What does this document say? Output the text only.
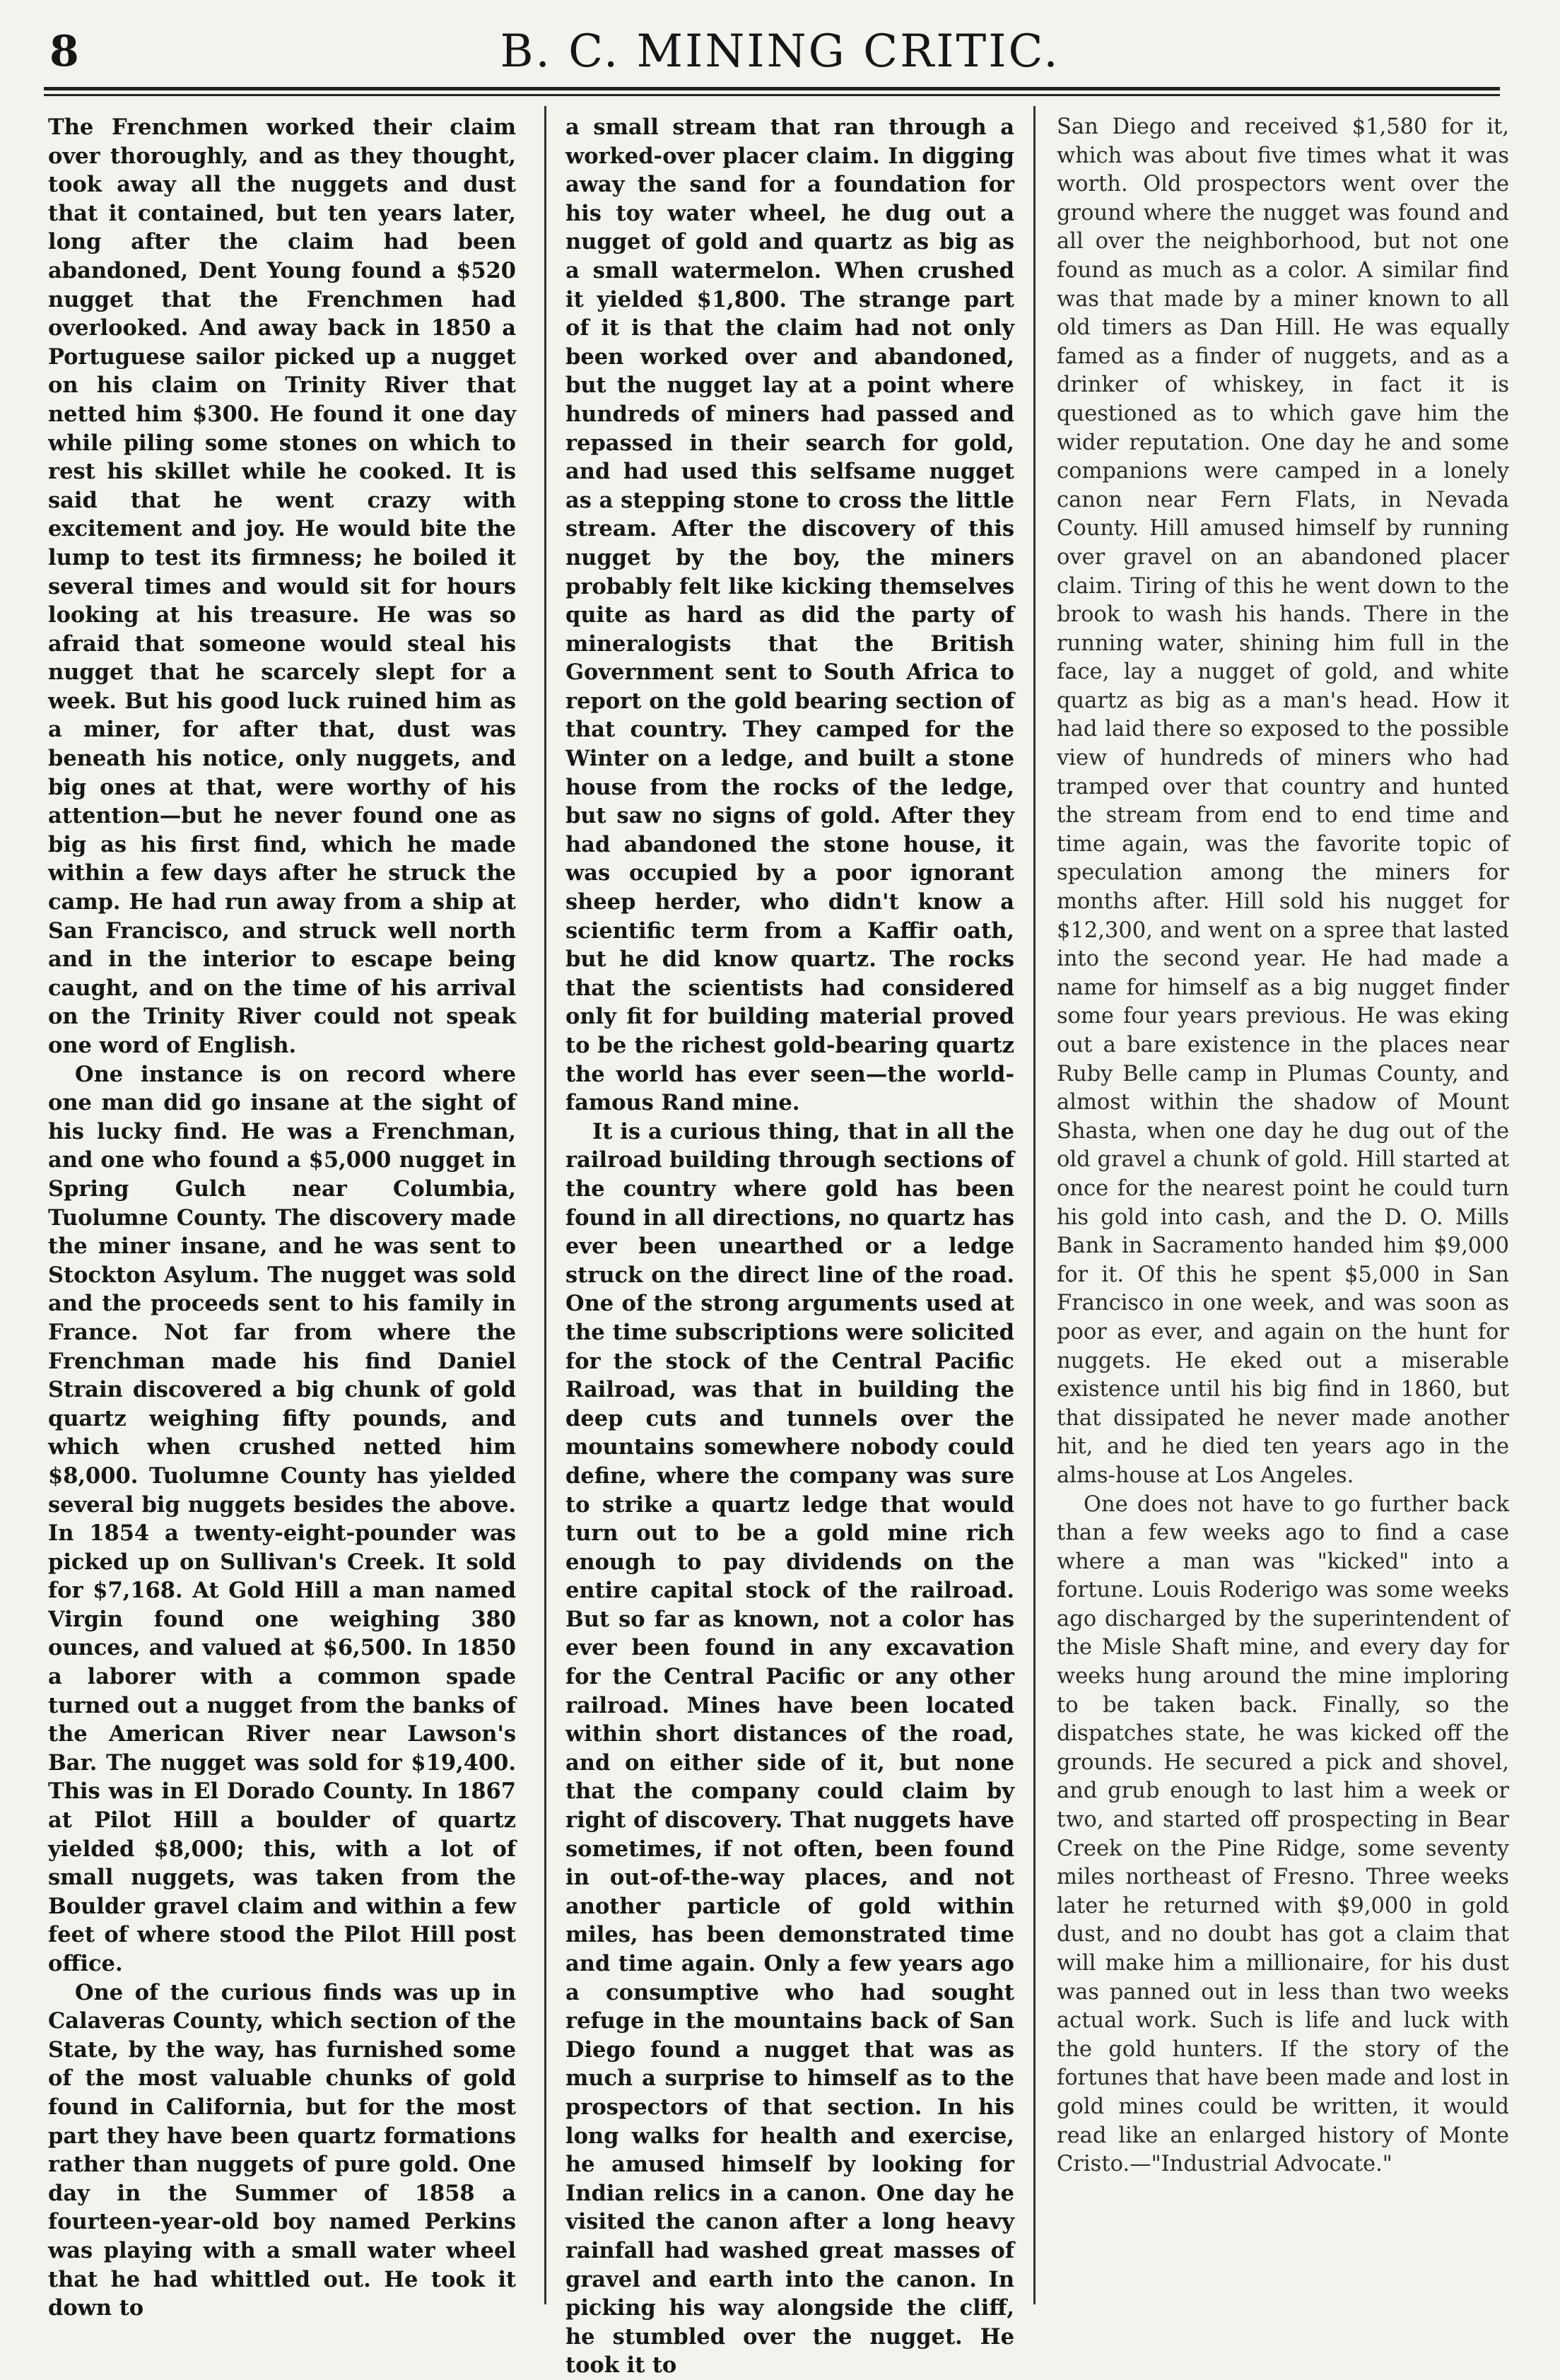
8	B. C. MINING CRITIC.

The Frenchmen worked their claim over thoroughly, and as they thought, took away all the nuggets and dust that it contained, but ten years later, long after the claim had been abandoned, Dent Young found a $520 nugget that the Frenchmen had overlooked. And away back in 1850 a Portuguese sailor picked up a nugget on his claim on Trinity River that netted him $300. He found it one day while piling some stones on which to rest his skillet while he cooked. It is said that he went crazy with excitement and joy. He would bite the lump to test its firmness; he boiled it several times and would sit for hours looking at his treasure. He was so afraid that someone would steal his nugget that he scarcely slept for a week. But his good luck ruined him as a miner, for after that, dust was beneath his notice, only nuggets, and big ones at that, were worthy of his attention—but he never found one as big as his first find, which he made within a few days after he struck the camp. He had run away from a ship at San Francisco, and struck well north and in the interior to escape being caught, and on the time of his arrival on the Trinity River could not speak one word of English.

One instance is on record where one man did go insane at the sight of his lucky find. He was a Frenchman, and one who found a $5,000 nugget in Spring Gulch near Columbia, Tuolumne County. The discovery made the miner insane, and he was sent to Stockton Asylum. The nugget was sold and the proceeds sent to his family in France. Not far from where the Frenchman made his find Daniel Strain discovered a big chunk of gold quartz weighing fifty pounds, and which when crushed netted him $8,000. Tuolumne County has yielded several big nuggets besides the above. In 1854 a twenty-eight-pounder was picked up on Sullivan's Creek. It sold for $7,168. At Gold Hill a man named Virgin found one weighing 380 ounces, and valued at $6,500. In 1850 a laborer with a common spade turned out a nugget from the banks of the American River near Lawson's Bar. The nugget was sold for $19,400. This was in El Dorado County. In 1867 at Pilot Hill a boulder of quartz yielded $8,000; this, with a lot of small nuggets, was taken from the Boulder gravel claim and within a few feet of where stood the Pilot Hill post office.

One of the curious finds was up in Calaveras County, which section of the State, by the way, has furnished some of the most valuable chunks of gold found in California, but for the most part they have been quartz formations rather than nuggets of pure gold. One day in the Summer of 1858 a fourteen-year-old boy named Perkins was playing with a small water wheel that he had whittled out. He took it down to

a small stream that ran through a worked-over placer claim. In digging away the sand for a foundation for his toy water wheel, he dug out a nugget of gold and quartz as big as a small watermelon. When crushed it yielded $1,800. The strange part of it is that the claim had not only been worked over and abandoned, but the nugget lay at a point where hundreds of miners had passed and repassed in their search for gold, and had used this selfsame nugget as a stepping stone to cross the little stream. After the discovery of this nugget by the boy, the miners probably felt like kicking themselves quite as hard as did the party of mineralogists that the British Government sent to South Africa to report on the gold bearing section of that country. They camped for the Winter on a ledge, and built a stone house from the rocks of the ledge, but saw no signs of gold. After they had abandoned the stone house, it was occupied by a poor ignorant sheep herder, who didn't know a scientific term from a Kaffir oath, but he did know quartz. The rocks that the scientists had considered only fit for building material proved to be the richest gold-bearing quartz the world has ever seen—the world-famous Rand mine.

It is a curious thing, that in all the railroad building through sections of the country where gold has been found in all directions, no quartz has ever been unearthed or a ledge struck on the direct line of the road. One of the strong arguments used at the time subscriptions were solicited for the stock of the Central Pacific Railroad, was that in building the deep cuts and tunnels over the mountains somewhere nobody could define, where the company was sure to strike a quartz ledge that would turn out to be a gold mine rich enough to pay dividends on the entire capital stock of the railroad. But so far as known, not a color has ever been found in any excavation for the Central Pacific or any other railroad. Mines have been located within short distances of the road, and on either side of it, but none that the company could claim by right of discovery. That nuggets have sometimes, if not often, been found in out-of-the-way places, and not another particle of gold within miles, has been demonstrated time and time again. Only a few years ago a consumptive who had sought refuge in the mountains back of San Diego found a nugget that was as much a surprise to himself as to the prospectors of that section. In his long walks for health and exercise, he amused himself by looking for Indian relics in a canon. One day he visited the canon after a long heavy rainfall had washed great masses of gravel and earth into the canon. In picking his way alongside the cliff, he stumbled over the nugget. He took it to

San Diego and received $1,580 for it, which was about five times what it was worth. Old prospectors went over the ground where the nugget was found and all over the neighborhood, but not one found as much as a color. A similar find was that made by a miner known to all old timers as Dan Hill. He was equally famed as a finder of nuggets, and as a drinker of whiskey, in fact it is questioned as to which gave him the wider reputation. One day he and some companions were camped in a lonely canon near Fern Flats, in Nevada County. Hill amused himself by running over gravel on an abandoned placer claim. Tiring of this he went down to the brook to wash his hands. There in the running water, shining him full in the face, lay a nugget of gold, and white quartz as big as a man's head. How it had laid there so exposed to the possible view of hundreds of miners who had tramped over that country and hunted the stream from end to end time and time again, was the favorite topic of speculation among the miners for months after. Hill sold his nugget for $12,300, and went on a spree that lasted into the second year. He had made a name for himself as a big nugget finder some four years previous. He was eking out a bare existence in the places near Ruby Belle camp in Plumas County, and almost within the shadow of Mount Shasta, when one day he dug out of the old gravel a chunk of gold. Hill started at once for the nearest point he could turn his gold into cash, and the D. O. Mills Bank in Sacramento handed him $9,000 for it. Of this he spent $5,000 in San Francisco in one week, and was soon as poor as ever, and again on the hunt for nuggets. He eked out a miserable existence until his big find in 1860, but that dissipated he never made another hit, and he died ten years ago in the alms-house at Los Angeles.

One does not have to go further back than a few weeks ago to find a case where a man was "kicked" into a fortune. Louis Roderigo was some weeks ago discharged by the superintendent of the Misle Shaft mine, and every day for weeks hung around the mine imploring to be taken back. Finally, so the dispatches state, he was kicked off the grounds. He secured a pick and shovel, and grub enough to last him a week or two, and started off prospecting in Bear Creek on the Pine Ridge, some seventy miles northeast of Fresno. Three weeks later he returned with $9,000 in gold dust, and no doubt has got a claim that will make him a millionaire, for his dust was panned out in less than two weeks actual work. Such is life and luck with the gold hunters. If the story of the fortunes that have been made and lost in gold mines could be written, it would read like an enlarged history of Monte Cristo.—"Industrial Advocate."
